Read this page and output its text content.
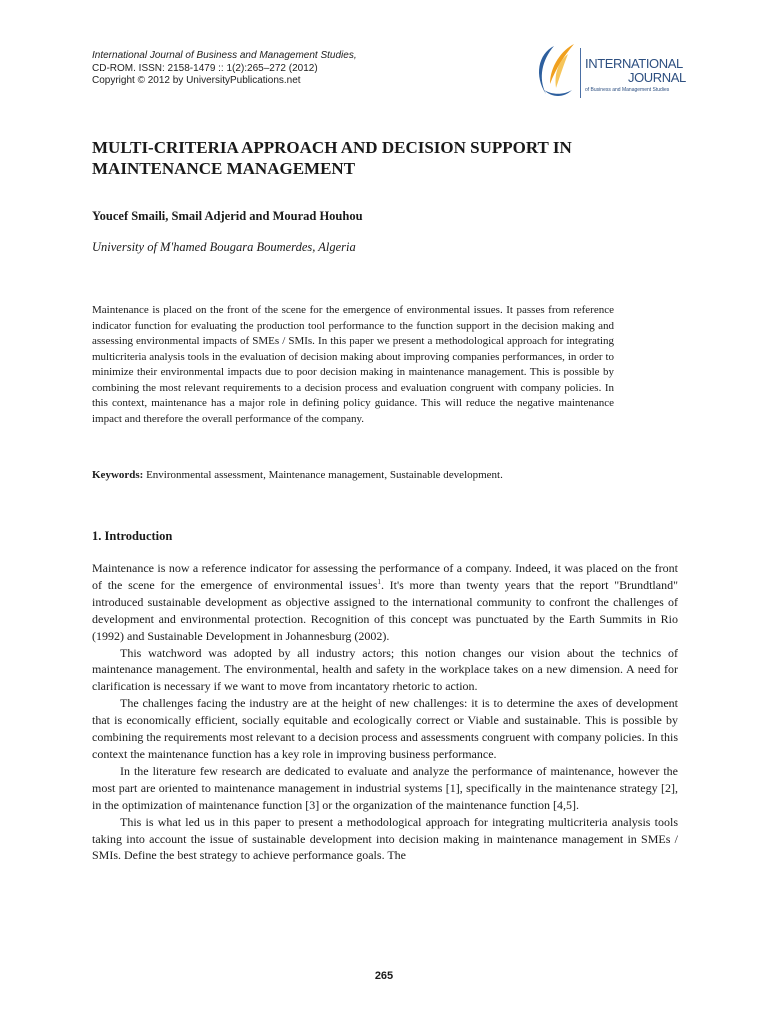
International Journal of Business and Management Studies,
CD-ROM. ISSN: 2158-1479 :: 1(2):265–272 (2012)
Copyright © 2012 by UniversityPublications.net
INTERNATIONAL
JOURNAL
of Business and Management Studies
MULTI-CRITERIA APPROACH AND DECISION SUPPORT IN MAINTENANCE MANAGEMENT
Youcef Smaili, Smail Adjerid and Mourad Houhou
University of M'hamed Bougara Boumerdes, Algeria

Maintenance is placed on the front of the scene for the emergence of environmental issues. It passes from reference indicator function for evaluating the production tool performance to the function support in the decision making and assessing environmental impacts of SMEs / SMIs. In this paper we present a methodological approach for integrating multicriteria analysis tools in the evaluation of decision making about improving companies performances, in order to minimize their environmental impacts due to poor decision making in maintenance management. This is possible by combining the most relevant requirements to a decision process and evaluation congruent with company policies. In this context, maintenance has a major role in defining policy guidance. This will reduce the negative maintenance impact and therefore the overall performance of the company.

Keywords: Environmental assessment, Maintenance management, Sustainable development.
1. Introduction

Maintenance is now a reference indicator for assessing the performance of a company. Indeed, it was placed on the front of the scene for the emergence of environmental issues$^1$. It's more than twenty years that the report "Brundtland" introduced sustainable development as objective assigned to the international community to confront the challenges of development and environmental protection. Recognition of this concept was punctuated by the Earth Summits in Rio (1992) and Sustainable Development in Johannesburg (2002).

This watchword was adopted by all industry actors; this notion changes our vision about the technics of maintenance management. The environmental, health and safety in the workplace takes on a new dimension. A need for clarification is necessary if we want to move from incantatory rhetoric to action.

The challenges facing the industry are at the height of new challenges: it is to determine the axes of development that is economically efficient, socially equitable and ecologically correct or Viable and sustainable. This is possible by combining the requirements most relevant to a decision process and assessments congruent with company policies. In this context the maintenance function has a key role in improving business performance.

In the literature few research are dedicated to evaluate and analyze the performance of maintenance, however the most part are oriented to maintenance management in industrial systems [1], specifically in the maintenance strategy [2], in the optimization of maintenance function [3] or the organization of the maintenance function [4,5].

This is what led us in this paper to present a methodological approach for integrating multicriteria analysis tools taking into account the issue of sustainable development into decision making in maintenance management in SMEs / SMIs. Define the best strategy to achieve performance goals. The

265
